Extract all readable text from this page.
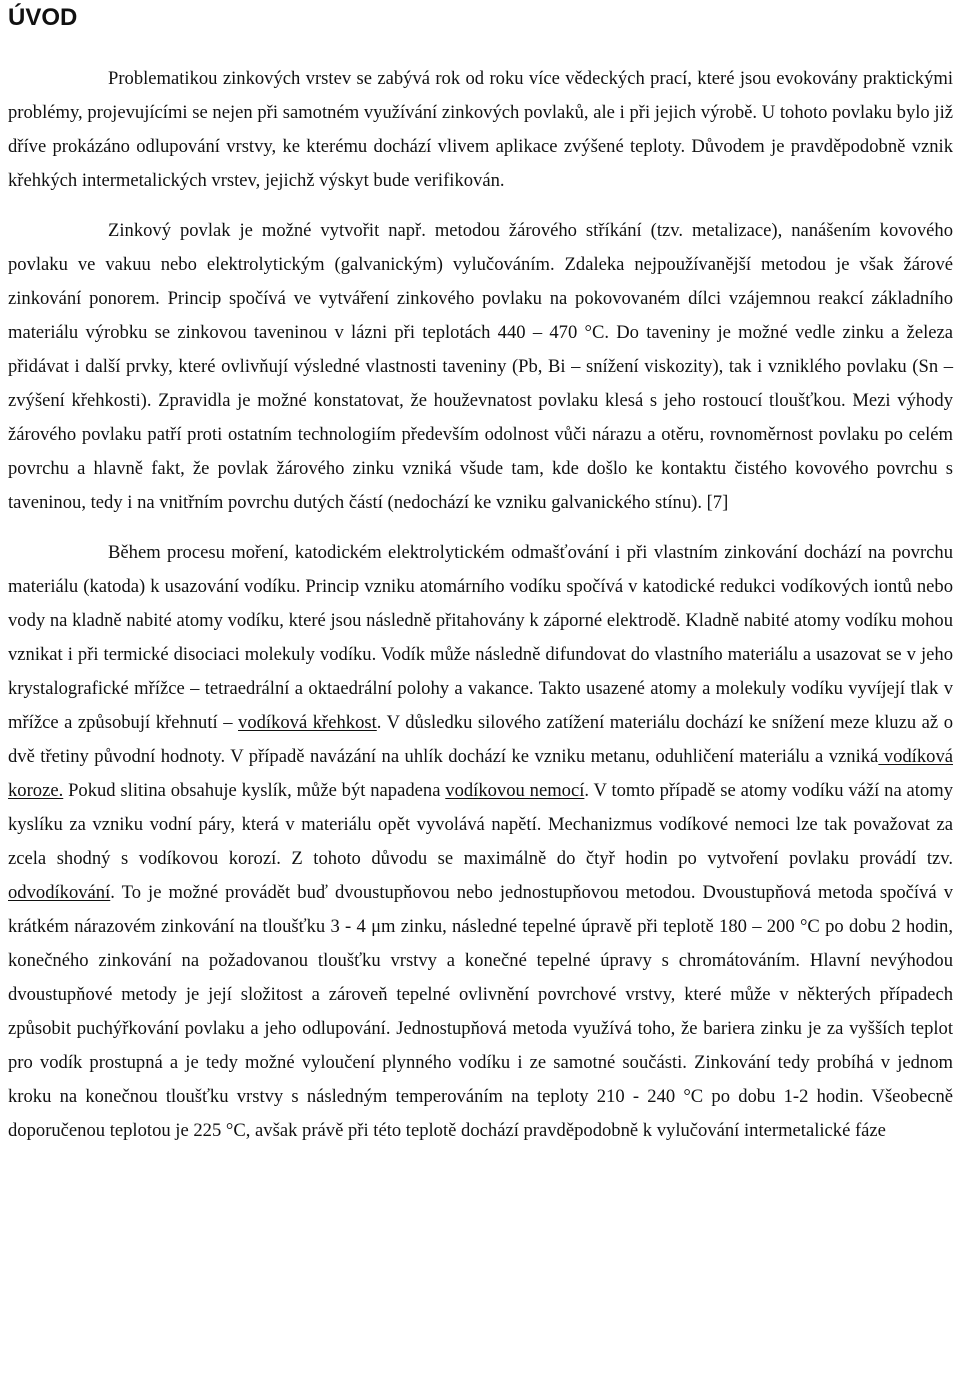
ÚVOD

Problematikou zinkových vrstev se zabývá rok od roku více vědeckých prací, které jsou evokovány praktickými problémy, projevujícími se nejen při samotném využívání zinkových povlaků, ale i při jejich výrobě. U tohoto povlaku bylo již dříve prokázáno odlupování vrstvy, ke kterému dochází vlivem aplikace zvýšené teploty. Důvodem je pravděpodobně vznik křehkých intermetalických vrstev, jejichž výskyt bude verifikován.

Zinkový povlak je možné vytvořit např. metodou žárového stříkání (tzv. metalizace), nanášením kovového povlaku ve vakuu nebo elektrolytickým (galvanickým) vylučováním. Zdaleka nejpoužívanější metodou je však žárové zinkování ponorem. Princip spočívá ve vytváření zinkového povlaku na pokovovaném dílci vzájemnou reakcí základního materiálu výrobku se zinkovou taveninou v lázni při teplotách 440 – 470 °C. Do taveniny je možné vedle zinku a železa přidávat i další prvky, které ovlivňují výsledné vlastnosti taveniny (Pb, Bi – snížení viskozity), tak i vzniklého povlaku (Sn – zvýšení křehkosti). Zpravidla je možné konstatovat, že houževnatost povlaku klesá s jeho rostoucí tloušťkou. Mezi výhody žárového povlaku patří proti ostatním technologiím především odolnost vůči nárazu a otěru, rovnoměrnost povlaku po celém povrchu a hlavně fakt, že povlak žárového zinku vzniká všude tam, kde došlo ke kontaktu čistého kovového povrchu s taveninou, tedy i na vnitřním povrchu dutých částí (nedochází ke vzniku galvanického stínu). [7]

Během procesu moření, katodickém elektrolytickém odmašťování i při vlastním zinkování dochází na povrchu materiálu (katoda) k usazování vodíku. Princip vzniku atomárního vodíku spočívá v katodické redukci vodíkových iontů nebo vody na kladně nabité atomy vodíku, které jsou následně přitahovány k záporné elektrodě. Kladně nabité atomy vodíku mohou vznikat i při termické disociaci molekuly vodíku. Vodík může následně difundovat do vlastního materiálu a usazovat se v jeho krystalografické mřížce – tetraedrální a oktaedrální polohy a vakance. Takto usazené atomy a molekuly vodíku vyvíjejí tlak v mřížce a způsobují křehnutí – vodíková křehkost. V důsledku silového zatížení materiálu dochází ke snížení meze kluzu až o dvě třetiny původní hodnoty. V případě navázání na uhlík dochází ke vzniku metanu, oduhličení materiálu a vzniká vodíková koroze. Pokud slitina obsahuje kyslík, může být napadena vodíkovou nemocí. V tomto případě se atomy vodíku váží na atomy kyslíku za vzniku vodní páry, která v materiálu opět vyvolává napětí. Mechanizmus vodíkové nemoci lze tak považovat za zcela shodný s vodíkovou korozí. Z tohoto důvodu se maximálně do čtyř hodin po vytvoření povlaku provádí tzv. odvodíkování. To je možné provádět buď dvoustupňovou nebo jednostupňovou metodou. Dvoustupňová metoda spočívá v krátkém nárazovém zinkování na tloušťku 3 - 4 μm zinku, následné tepelné úpravě při teplotě 180 – 200 °C po dobu 2 hodin, konečného zinkování na požadovanou tloušťku vrstvy a konečné tepelné úpravy s chromátováním. Hlavní nevýhodou dvoustupňové metody je její složitost a zároveň tepelné ovlivnění povrchové vrstvy, které může v některých případech způsobit puchýřkování povlaku a jeho odlupování. Jednostupňová metoda využívá toho, že bariera zinku je za vyšších teplot pro vodík prostupná a je tedy možné vyloučení plynného vodíku i ze samotné součásti. Zinkování tedy probíhá v jednom kroku na konečnou tloušťku vrstvy s následným temperováním na teploty 210 - 240 °C po dobu 1-2 hodin. Všeobecně doporučenou teplotou je 225 °C, avšak právě při této teplotě dochází pravděpodobně k vylučování intermetalické fáze
